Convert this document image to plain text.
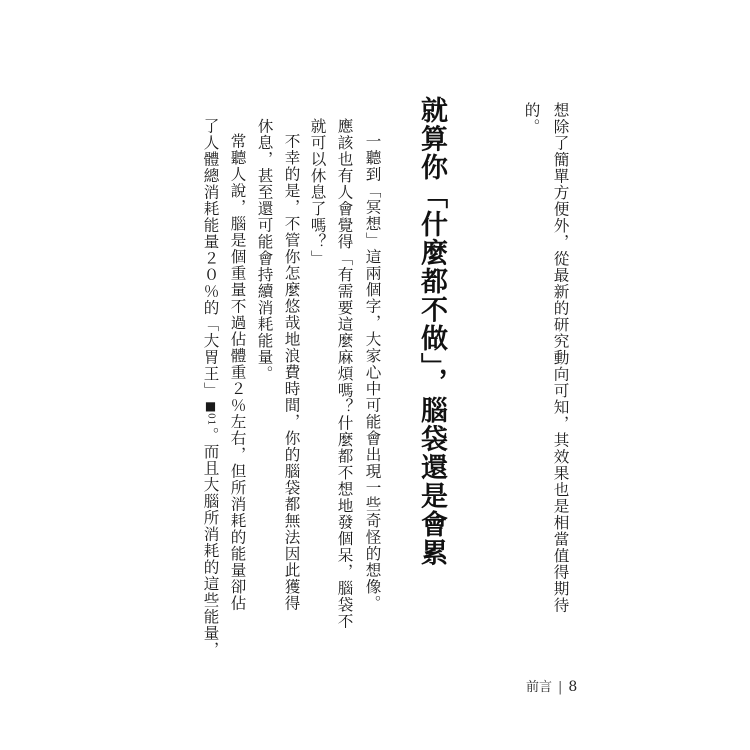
想除了簡單方便外，從最新的研究動向可知，其效果也是相當值得期待
的。
就算你「什麼都不做」，腦袋還是會累
一聽到「冥想」這兩個字，大家心中可能會出現一些奇怪的想像。
應該也有人會覺得「有需要這麼麻煩嗎？什麼都不想地發個呆，腦袋不
就可以休息了嗎？」
不幸的是，不管你怎麼悠哉地浪費時間，你的腦袋都無法因此獲得
休息，甚至還可能會持續消耗能量。
常聽人說，腦是個重量不過佔體重２％左右，但所消耗的能量卻佔
了人體總消耗能量２０％的「大胃王」■01。而且大腦所消耗的這些能量，
前言 | 8
